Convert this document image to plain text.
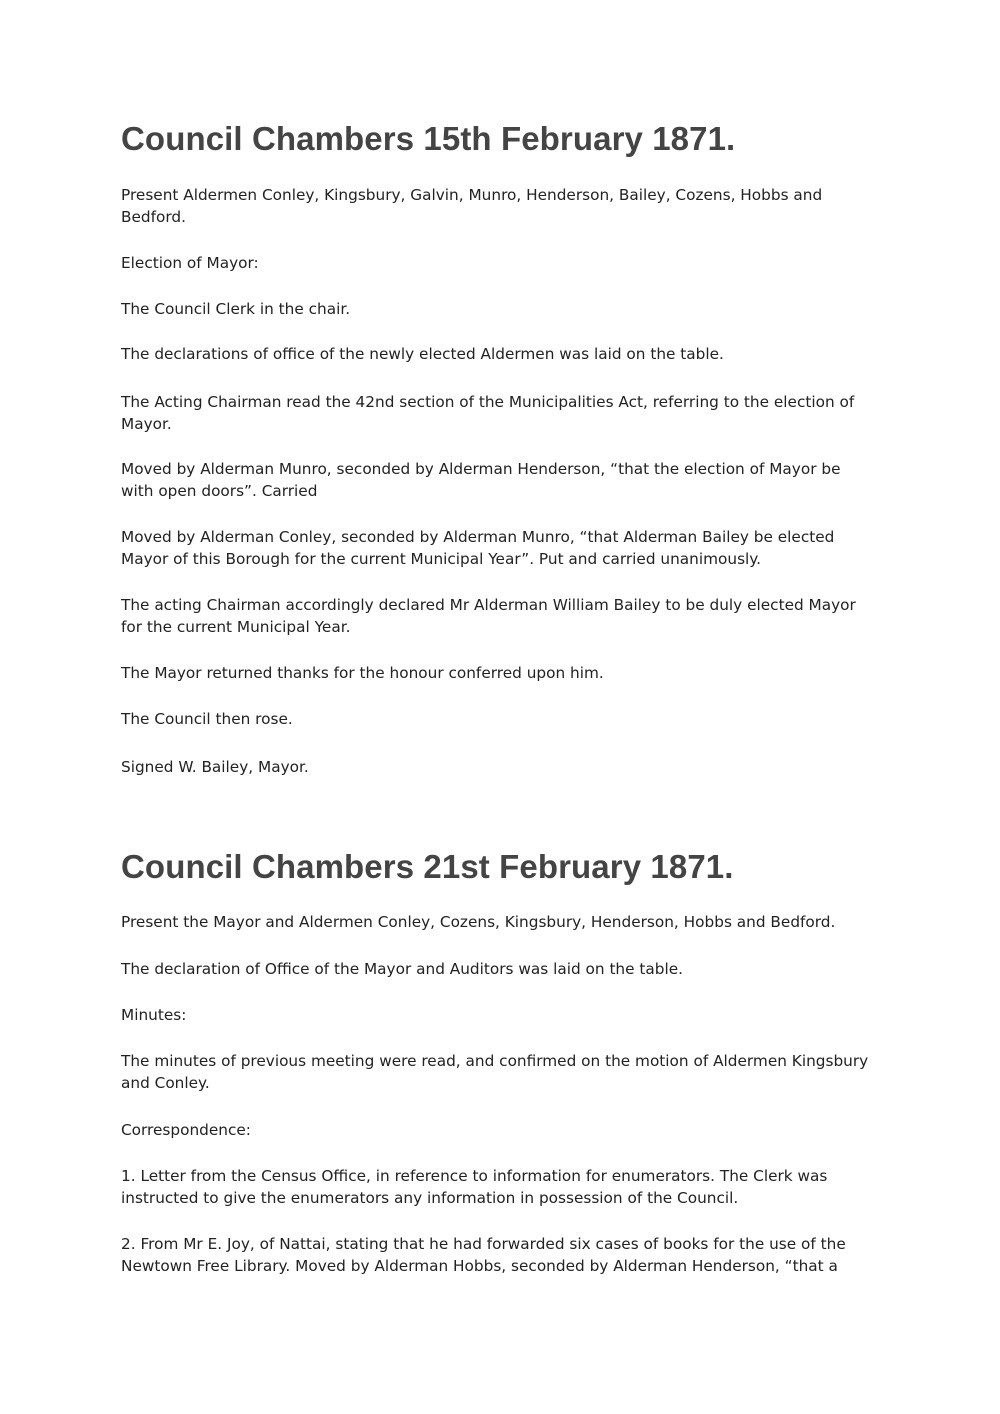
Council Chambers 15th February 1871.

Present Aldermen Conley, Kingsbury, Galvin, Munro, Henderson, Bailey, Cozens, Hobbs and Bedford.

Election of Mayor:

The Council Clerk in the chair.

The declarations of office of the newly elected Aldermen was laid on the table.

The Acting Chairman read the 42nd section of the Municipalities Act, referring to the election of Mayor.

Moved by Alderman Munro, seconded by Alderman Henderson, “that the election of Mayor be with open doors”. Carried

Moved by Alderman Conley, seconded by Alderman Munro, “that Alderman Bailey be elected Mayor of this Borough for the current Municipal Year”. Put and carried unanimously.

The acting Chairman accordingly declared Mr Alderman William Bailey to be duly elected Mayor for the current Municipal Year.

The Mayor returned thanks for the honour conferred upon him.

The Council then rose.

Signed W. Bailey, Mayor.

Council Chambers 21st February 1871.

Present the Mayor and Aldermen Conley, Cozens, Kingsbury, Henderson, Hobbs and Bedford.

The declaration of Office of the Mayor and Auditors was laid on the table.

Minutes:

The minutes of previous meeting were read, and confirmed on the motion of Aldermen Kingsbury and Conley.

Correspondence:

1. Letter from the Census Office, in reference to information for enumerators. The Clerk was instructed to give the enumerators any information in possession of the Council.

2. From Mr E. Joy, of Nattai, stating that he had forwarded six cases of books for the use of the Newtown Free Library. Moved by Alderman Hobbs, seconded by Alderman Henderson, “that a
